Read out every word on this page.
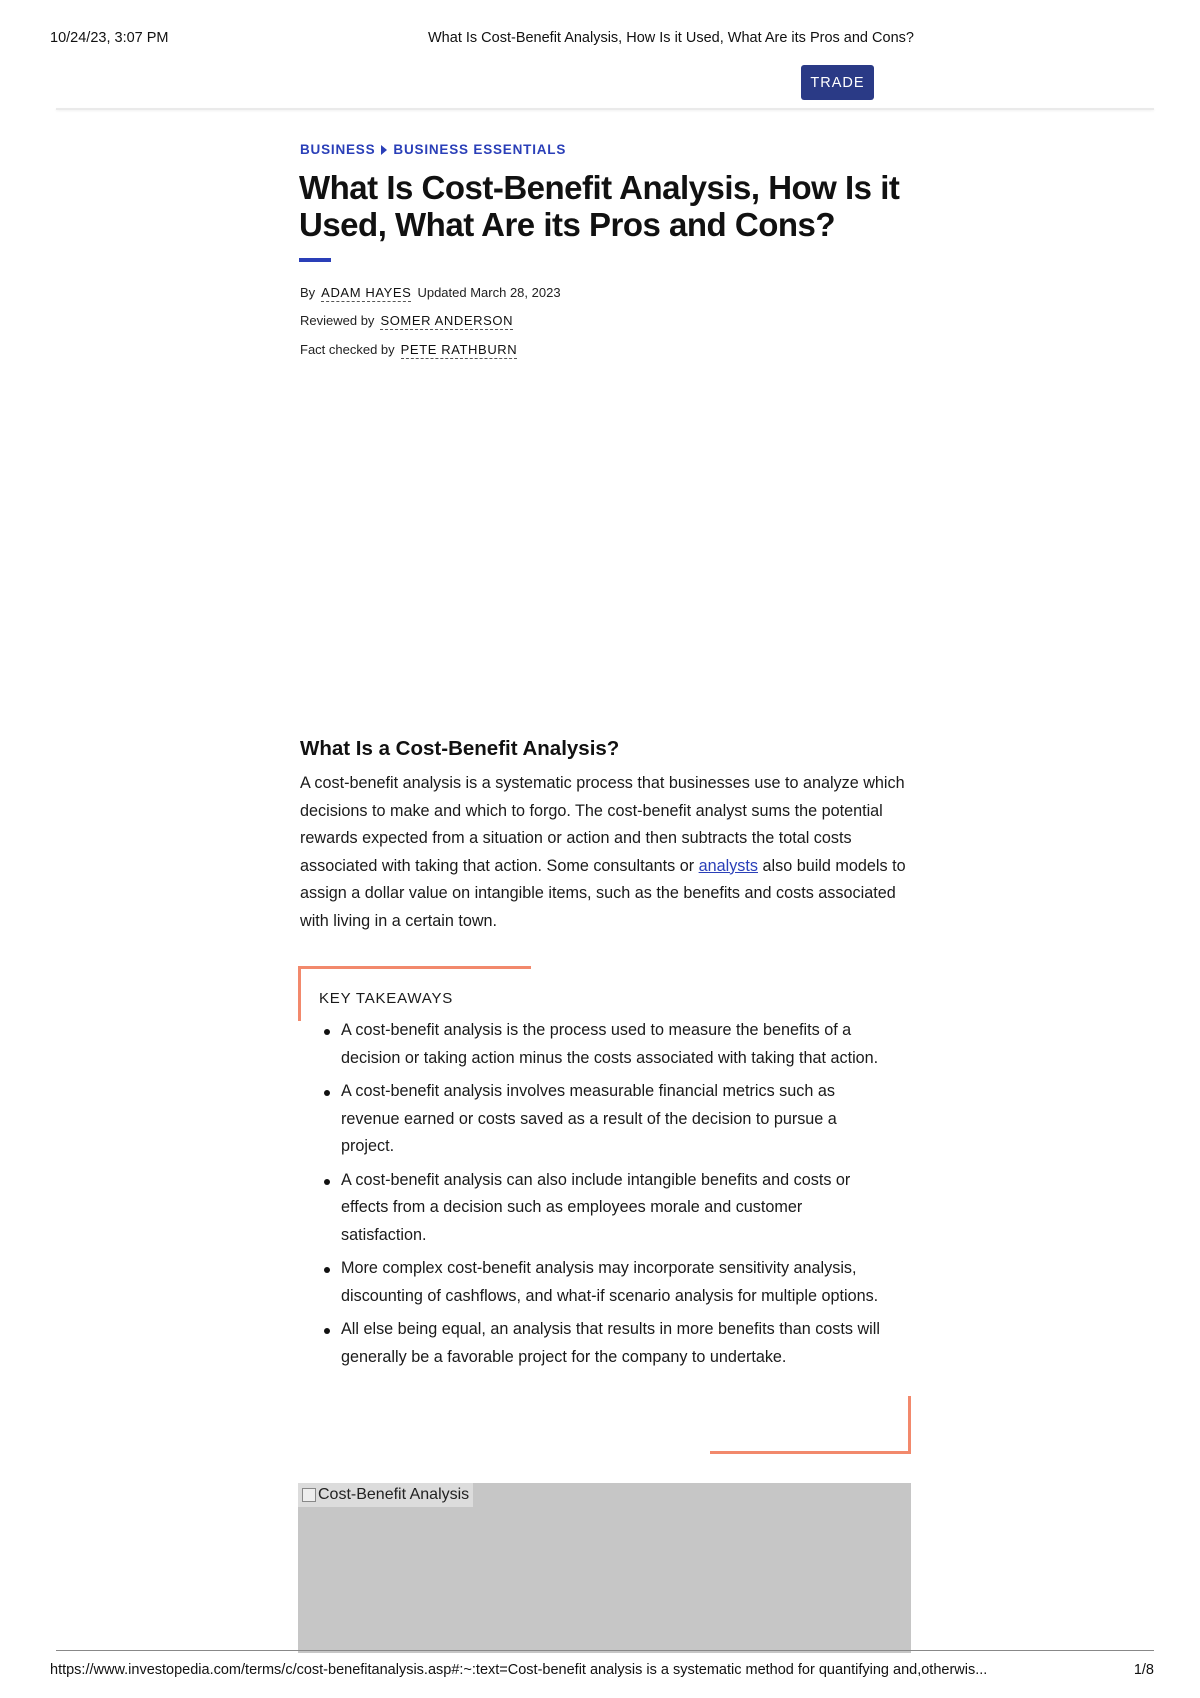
10/24/23, 3:07 PM	What Is Cost-Benefit Analysis, How Is it Used, What Are its Pros and Cons?
TRADE
BUSINESS BUSINESS ESSENTIALS
What Is Cost-Benefit Analysis, How Is it Used, What Are its Pros and Cons?
By ADAM HAYES Updated March 28, 2023
Reviewed by SOMER ANDERSON
Fact checked by PETE RATHBURN
What Is a Cost-Benefit Analysis?

A cost-benefit analysis is a systematic process that businesses use to analyze which decisions to make and which to forgo. The cost-benefit analyst sums the potential rewards expected from a situation or action and then subtracts the total costs associated with taking that action. Some consultants or analysts also build models to assign a dollar value on intangible items, such as the benefits and costs associated with living in a certain town.

KEY TAKEAWAYS
A cost-benefit analysis is the process used to measure the benefits of a decision or taking action minus the costs associated with taking that action.
A cost-benefit analysis involves measurable financial metrics such as revenue earned or costs saved as a result of the decision to pursue a project.
A cost-benefit analysis can also include intangible benefits and costs or effects from a decision such as employees morale and customer satisfaction.
More complex cost-benefit analysis may incorporate sensitivity analysis, discounting of cashflows, and what-if scenario analysis for multiple options.
All else being equal, an analysis that results in more benefits than costs will generally be a favorable project for the company to undertake.
Cost-Benefit Analysis
https://www.investopedia.com/terms/c/cost-benefitanalysis.asp#:~:text=Cost-benefit analysis is a systematic method for quantifying and,otherwis...	1/8
